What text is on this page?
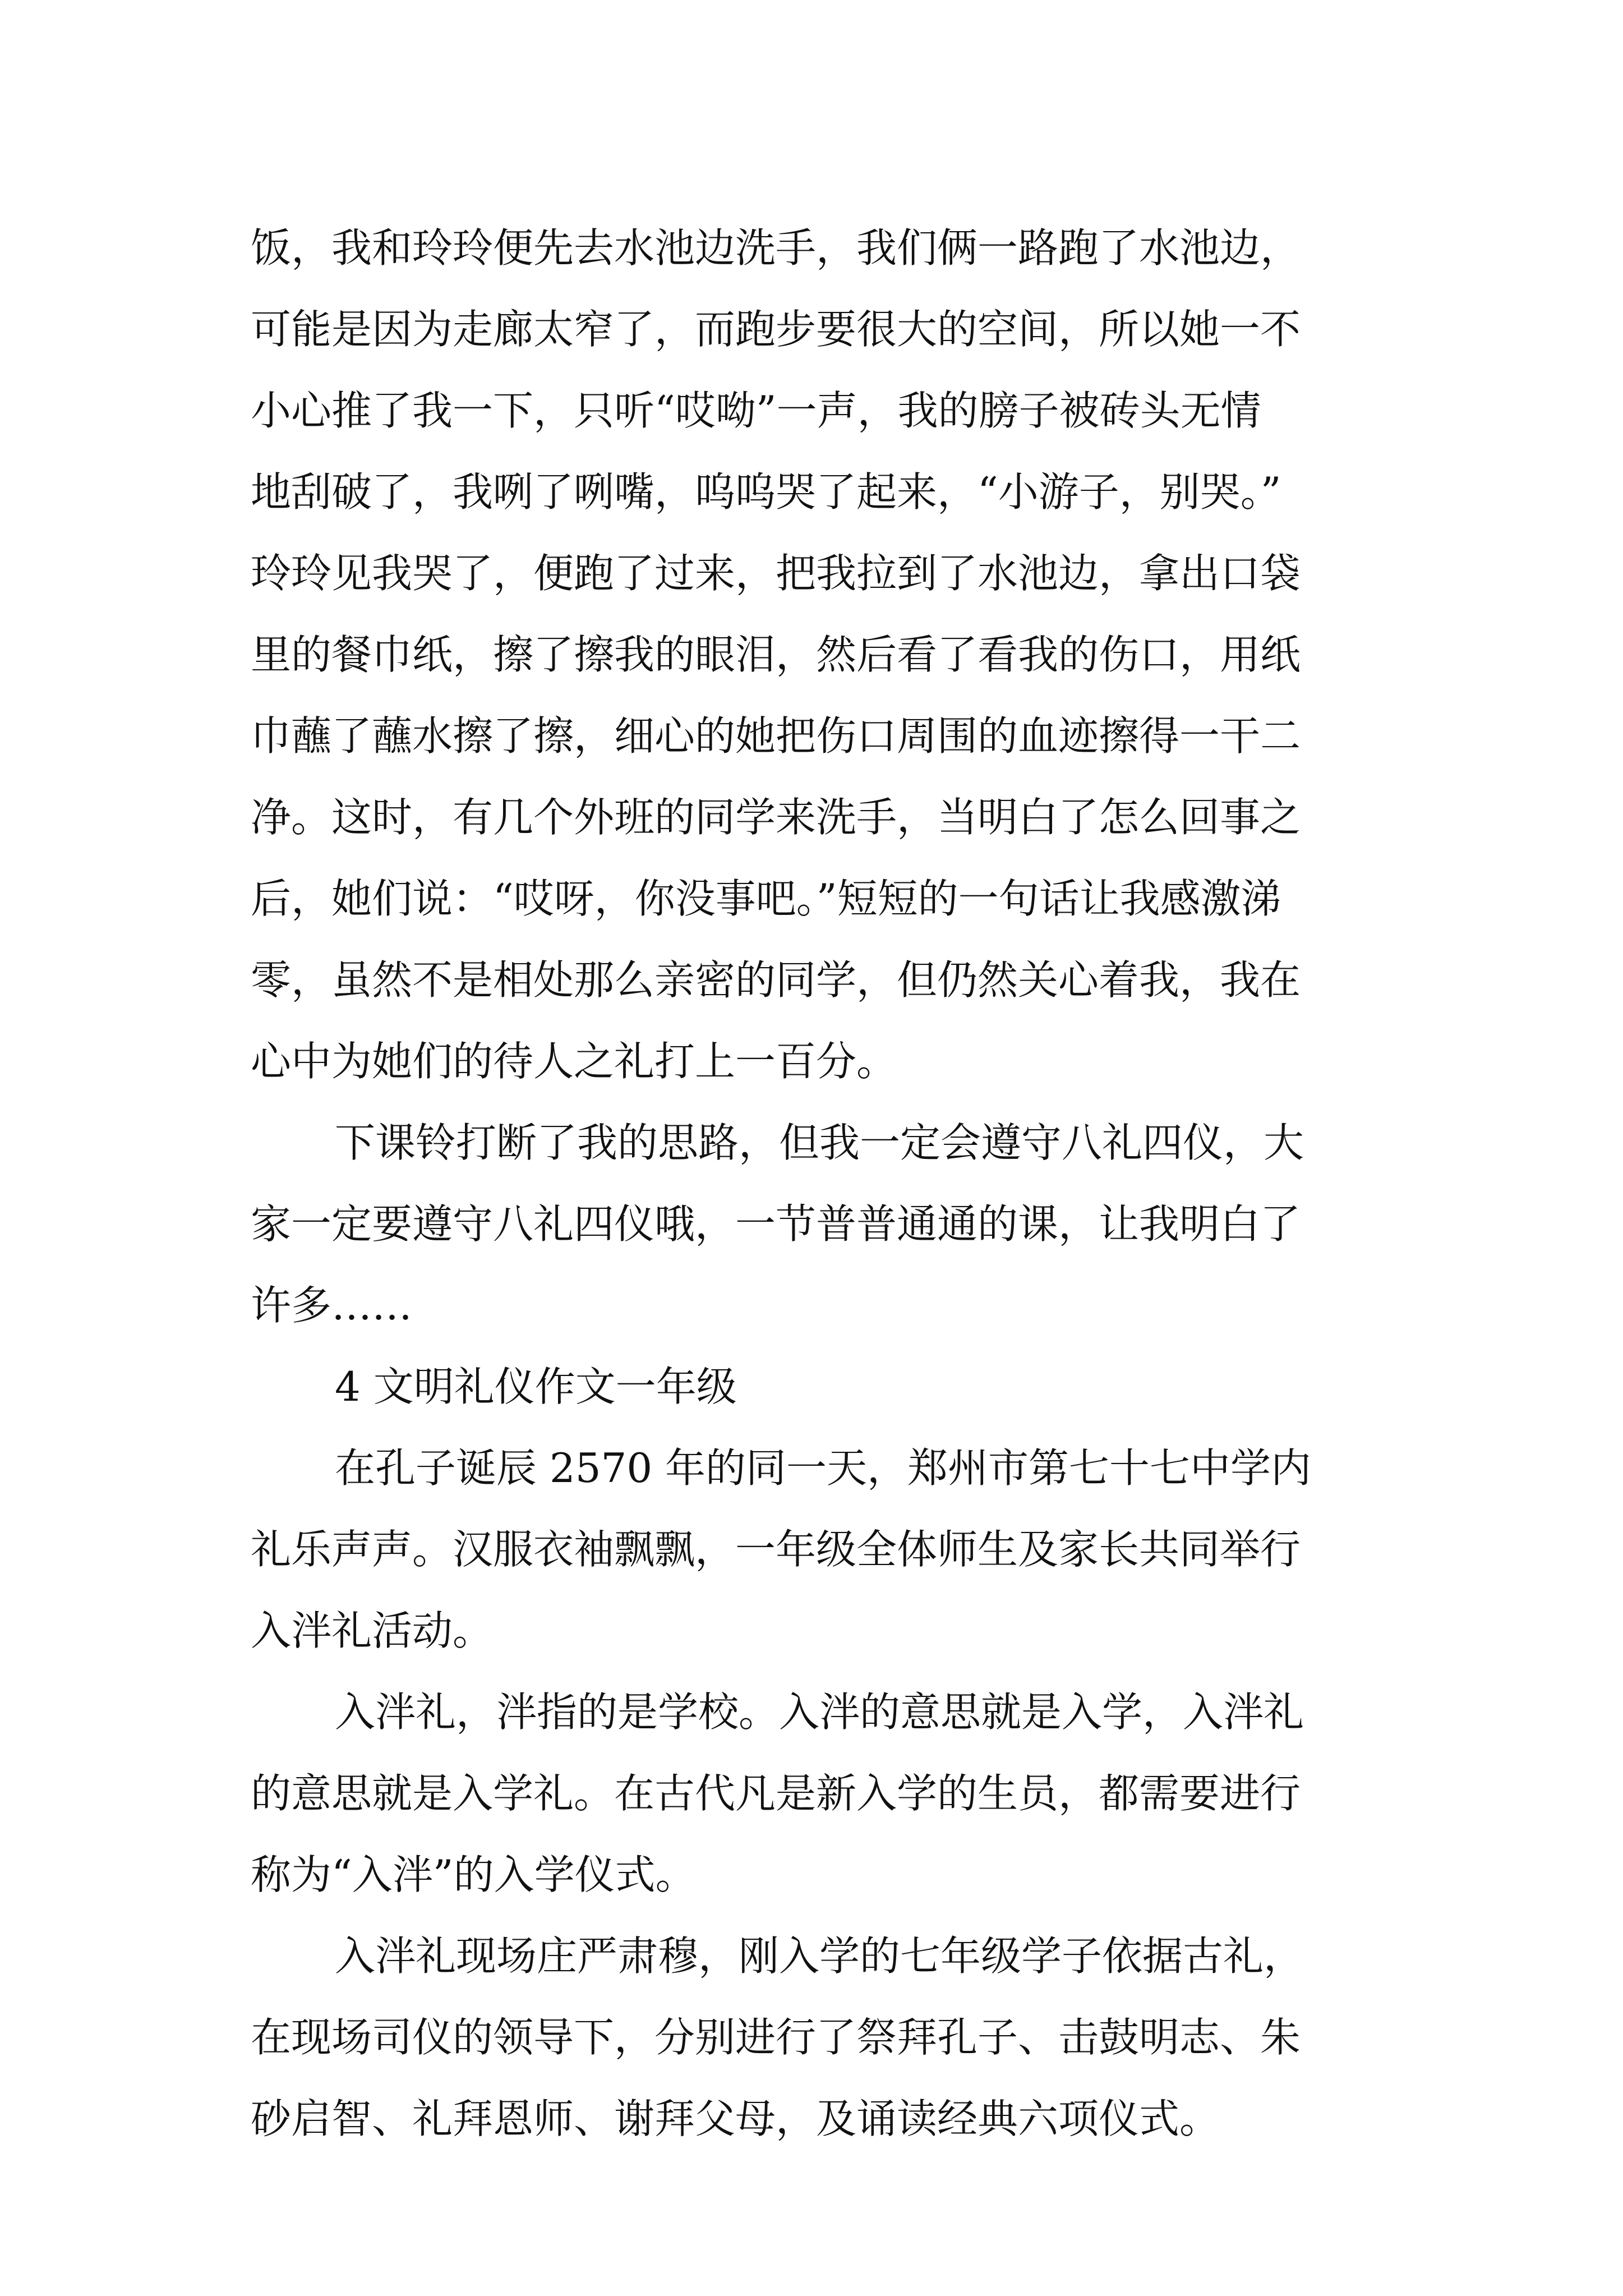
饭，我和玲玲便先去水池边洗手，我们俩一路跑了水池边，
可能是因为走廊太窄了，而跑步要很大的空间，所以她一不
小心推了我一下，只听“哎呦”一声，我的膀子被砖头无情
地刮破了，我咧了咧嘴，呜呜哭了起来，“小游子，别哭。”
玲玲见我哭了，便跑了过来，把我拉到了水池边，拿出口袋
里的餐巾纸，擦了擦我的眼泪，然后看了看我的伤口，用纸
巾蘸了蘸水擦了擦，细心的她把伤口周围的血迹擦得一干二
净。这时，有几个外班的同学来洗手，当明白了怎么回事之
后，她们说：“哎呀，你没事吧。”短短的一句话让我感激涕
零，虽然不是相处那么亲密的同学，但仍然关心着我，我在
心中为她们的待人之礼打上一百分。

下课铃打断了我的思路，但我一定会遵守八礼四仪，大
家一定要遵守八礼四仪哦，一节普普通通的课，让我明白了
许多……

4 文明礼仪作文一年级

在孔子诞辰 2570 年的同一天，郑州市第七十七中学内
礼乐声声。汉服衣袖飘飘，一年级全体师生及家长共同举行
入泮礼活动。

入泮礼，泮指的是学校。入泮的意思就是入学，入泮礼
的意思就是入学礼。在古代凡是新入学的生员，都需要进行
称为“入泮”的入学仪式。

入泮礼现场庄严肃穆，刚入学的七年级学子依据古礼，
在现场司仪的领导下，分别进行了祭拜孔子、击鼓明志、朱
砂启智、礼拜恩师、谢拜父母，及诵读经典六项仪式。
